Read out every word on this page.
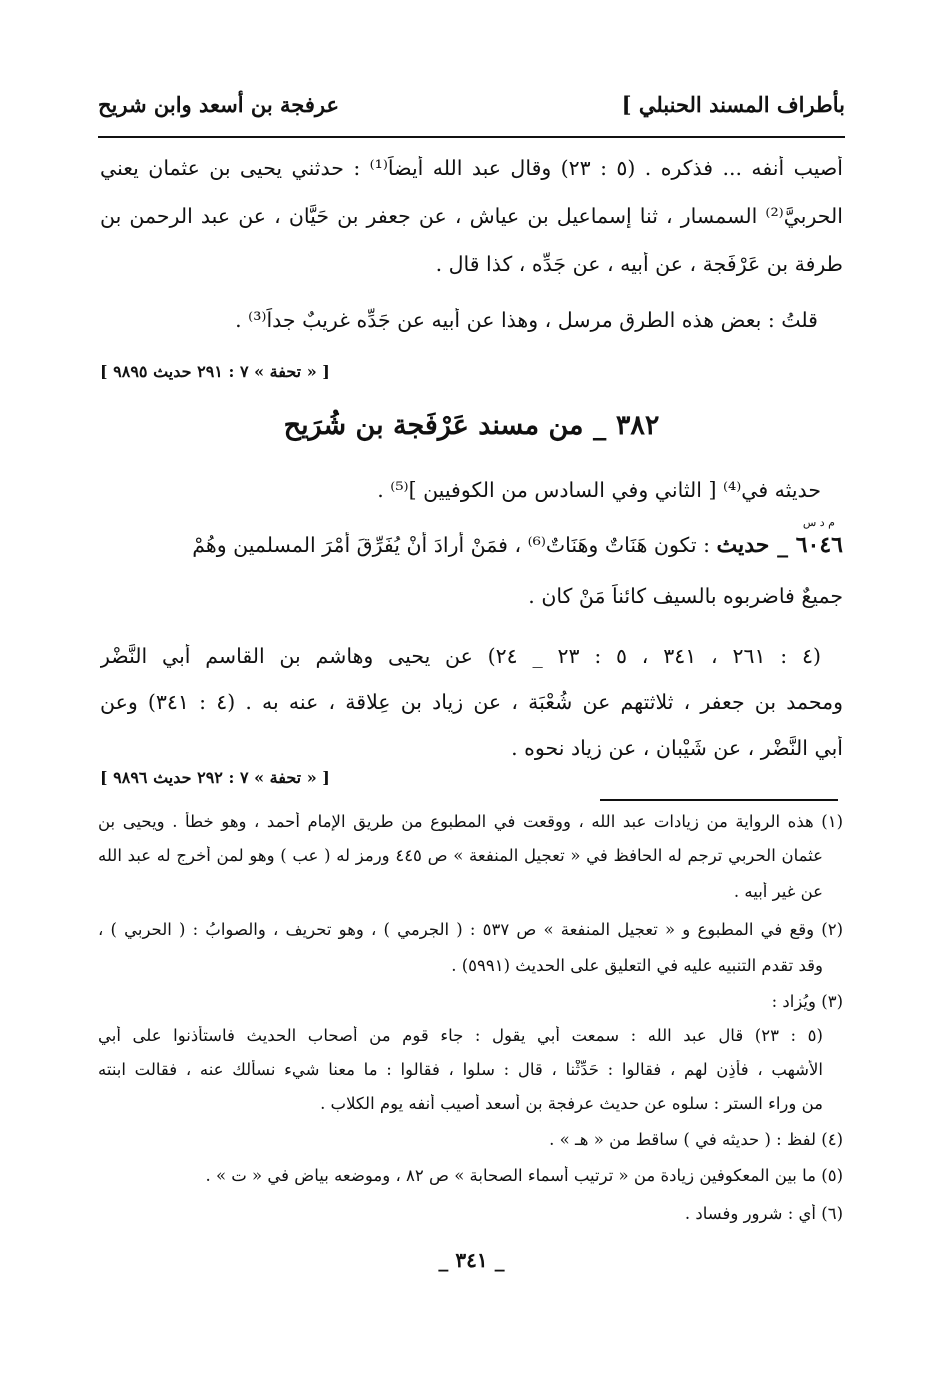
بأطراف المسند الحنبلي ]
عرفجة بن أسعد وابن شريح
أُصيب أنفه ... فذكره . (٥ : ٢٣) وقال عبد الله أيضاً⁽¹⁾ : حدثني يحيى بن عثمان يعني
الحربيَّ⁽²⁾ السمسار ، ثنا إسماعيل بن عياش ، عن جعفر بن حَيَّان ، عن عبد الرحمن بن
طرفة بن عَرْفَجة ، عن أبيه ، عن جَدِّه ، كذا قال .
قلتُ : بعض هذه الطرق مرسل ، وهذا عن أبيه عن جَدِّه غريبٌ جداً⁽³⁾ .
[ « تحفة » ٧ : ٢٩١ حديث ٩٨٩٥ ]
٣٨٢ _ من مسند عَرْفَجة بن شُرَيح
حديثه في⁽⁴⁾ [ الثاني وفي السادس من الكوفيين ]⁽⁵⁾ .
م د س
٦٠٤٦ _ حديث : تكون هَنَاتٌ وهَنَاتٌ⁽⁶⁾ ، فمَنْ أرادَ أنْ يُفَرِّقَ أَمْرَ المسلمين وهُمْ
جميعٌ فاضربوه بالسيف كائناً مَنْ كان .
(٤ : ٢٦١ ، ٣٤١ ، ٥ : ٢٣ _ ٢٤) عن يحيى وهاشم بن القاسم أبي النَّضْر
ومحمد بن جعفر ، ثلاثتهم عن شُعْبَة ، عن زياد بن عِلاقة ، عنه به . (٤ : ٣٤١) وعن
أبي النَّضْر ، عن شَيْبان ، عن زياد نحوه .
[ « تحفة » ٧ : ٢٩٢ حديث ٩٨٩٦ ]
(١) هذه الرواية من زيادات عبد الله ، ووقعت في المطبوع من طريق الإمام أحمد ، وهو خطأ . ويحيى بن
عثمان الحربي ترجم له الحافظ في « تعجيل المنفعة » ص ٤٤٥ ورمز له ( عب ) وهو لمن أخرج له عبد الله
عن غير أبيه .
(٢) وقع في المطبوع و « تعجيل المنفعة » ص ٥٣٧ : ( الجرمي ) ، وهو تحريف ، والصوابُ : ( الحربي ) ،
وقد تقدم التنبيه عليه في التعليق على الحديث (٥٩٩١) .
(٣) ويُزاد :
(٥ : ٢٣) قال عبد الله : سمعت أبي يقول : جاء قوم من أصحاب الحديث فاستأذنوا على أبي
الأشهب ، فأذِن لهم ، فقالوا : حَدِّثْنا ، قال : سلوا ، فقالوا : ما معنا شيء نسألك عنه ، فقالت ابنته
من وراء الستر : سلوه عن حديث عرفجة بن أسعد أصيب أنفه يوم الكلاب .
(٤) لفظ : ( حديثه في ) ساقط من « هـ » .
(٥) ما بين المعكوفين زيادة من « ترتيب أسماء الصحابة » ص ٨٢ ، وموضعه بياض في « ت » .
(٦) أي : شرور وفساد .
_ ٣٤١ _
